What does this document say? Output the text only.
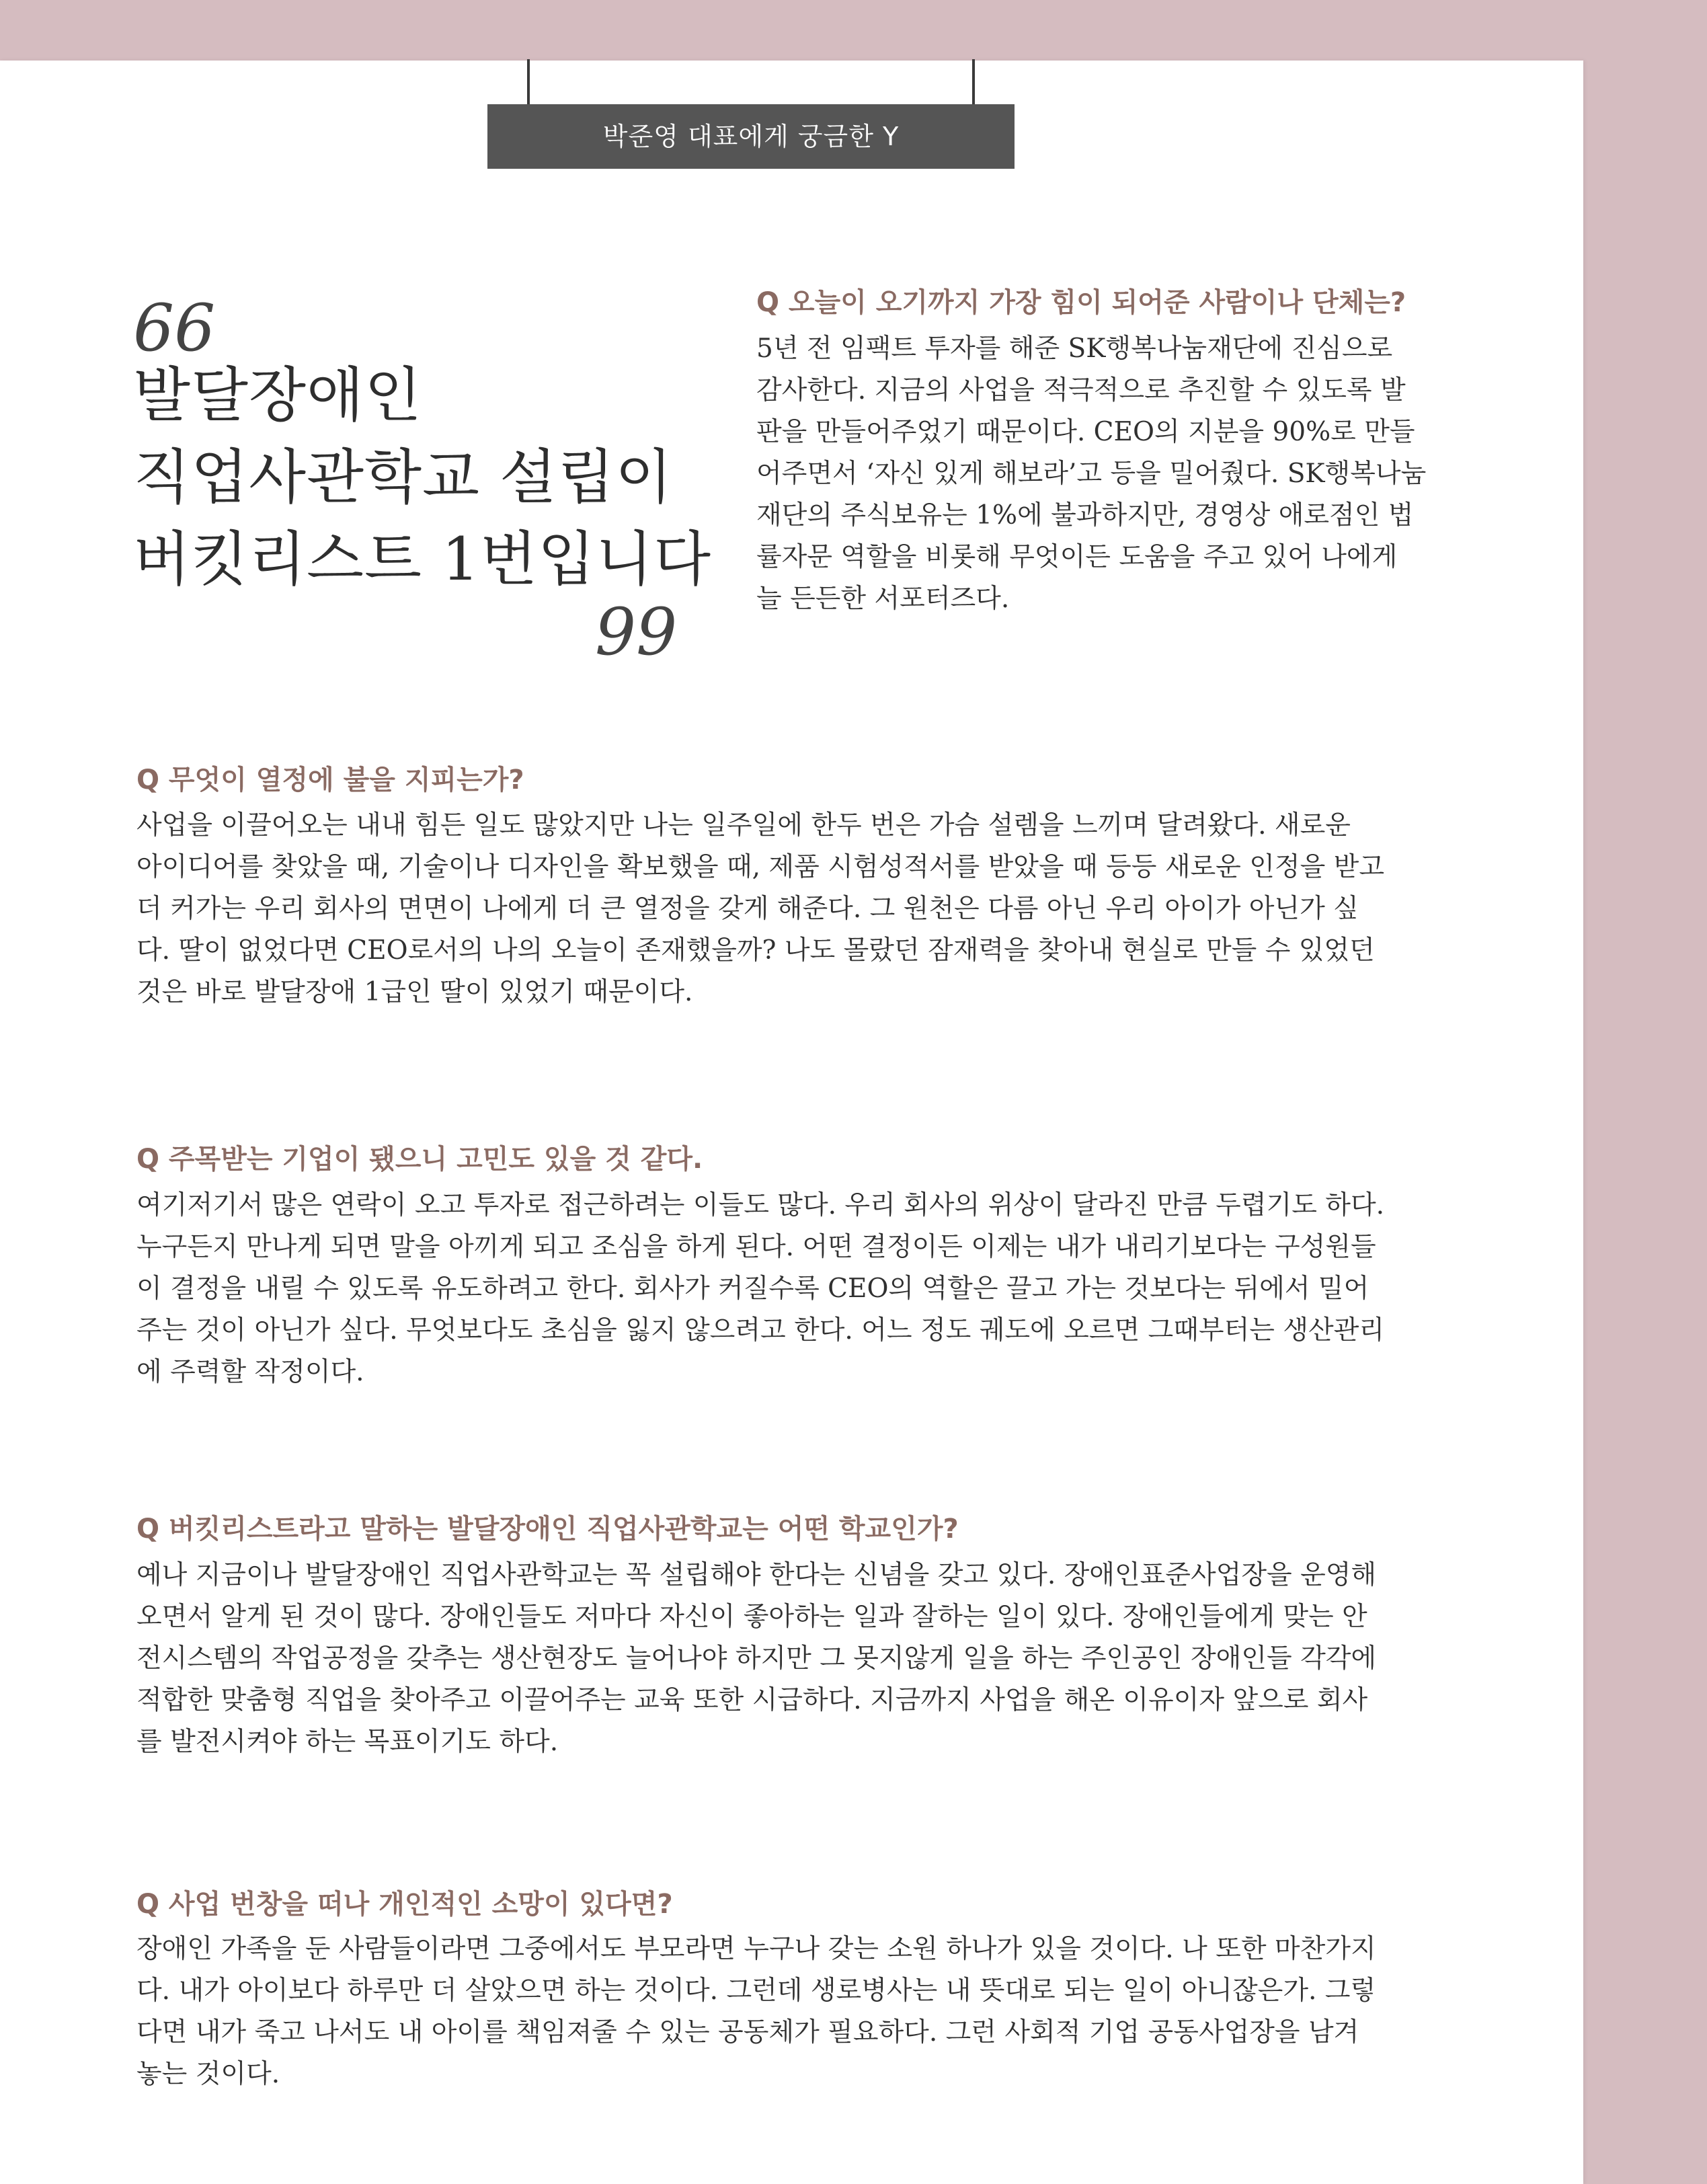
박준영 대표에게 궁금한 Y
66
발달장애인
직업사관학교 설립이
버킷리스트 1번입니다
99
Q 오늘이 오기까지 가장 힘이 되어준 사람이나 단체는?

5년 전 임팩트 투자를 해준 SK행복나눔재단에 진심으로
감사한다. 지금의 사업을 적극적으로 추진할 수 있도록 발
판을 만들어주었기 때문이다. CEO의 지분을 90%로 만들
어주면서 ‘자신 있게 해보라’고 등을 밀어줬다. SK행복나눔
재단의 주식보유는 1%에 불과하지만, 경영상 애로점인 법
률자문 역할을 비롯해 무엇이든 도움을 주고 있어 나에게
늘 든든한 서포터즈다.

Q 무엇이 열정에 불을 지피는가?

사업을 이끌어오는 내내 힘든 일도 많았지만 나는 일주일에 한두 번은 가슴 설렘을 느끼며 달려왔다. 새로운
아이디어를 찾았을 때, 기술이나 디자인을 확보했을 때, 제품 시험성적서를 받았을 때 등등 새로운 인정을 받고
더 커가는 우리 회사의 면면이 나에게 더 큰 열정을 갖게 해준다. 그 원천은 다름 아닌 우리 아이가 아닌가 싶
다. 딸이 없었다면 CEO로서의 나의 오늘이 존재했을까? 나도 몰랐던 잠재력을 찾아내 현실로 만들 수 있었던
것은 바로 발달장애 1급인 딸이 있었기 때문이다.

Q 주목받는 기업이 됐으니 고민도 있을 것 같다.

여기저기서 많은 연락이 오고 투자로 접근하려는 이들도 많다. 우리 회사의 위상이 달라진 만큼 두렵기도 하다.
누구든지 만나게 되면 말을 아끼게 되고 조심을 하게 된다. 어떤 결정이든 이제는 내가 내리기보다는 구성원들
이 결정을 내릴 수 있도록 유도하려고 한다. 회사가 커질수록 CEO의 역할은 끌고 가는 것보다는 뒤에서 밀어
주는 것이 아닌가 싶다. 무엇보다도 초심을 잃지 않으려고 한다. 어느 정도 궤도에 오르면 그때부터는 생산관리
에 주력할 작정이다.

Q 버킷리스트라고 말하는 발달장애인 직업사관학교는 어떤 학교인가?

예나 지금이나 발달장애인 직업사관학교는 꼭 설립해야 한다는 신념을 갖고 있다. 장애인표준사업장을 운영해
오면서 알게 된 것이 많다. 장애인들도 저마다 자신이 좋아하는 일과 잘하는 일이 있다. 장애인들에게 맞는 안
전시스템의 작업공정을 갖추는 생산현장도 늘어나야 하지만 그 못지않게 일을 하는 주인공인 장애인들 각각에
적합한 맞춤형 직업을 찾아주고 이끌어주는 교육 또한 시급하다. 지금까지 사업을 해온 이유이자 앞으로 회사
를 발전시켜야 하는 목표이기도 하다.

Q 사업 번창을 떠나 개인적인 소망이 있다면?

장애인 가족을 둔 사람들이라면 그중에서도 부모라면 누구나 갖는 소원 하나가 있을 것이다. 나 또한 마찬가지
다. 내가 아이보다 하루만 더 살았으면 하는 것이다. 그런데 생로병사는 내 뜻대로 되는 일이 아니잖은가. 그렇
다면 내가 죽고 나서도 내 아이를 책임져줄 수 있는 공동체가 필요하다. 그런 사회적 기업 공동사업장을 남겨
놓는 것이다.
